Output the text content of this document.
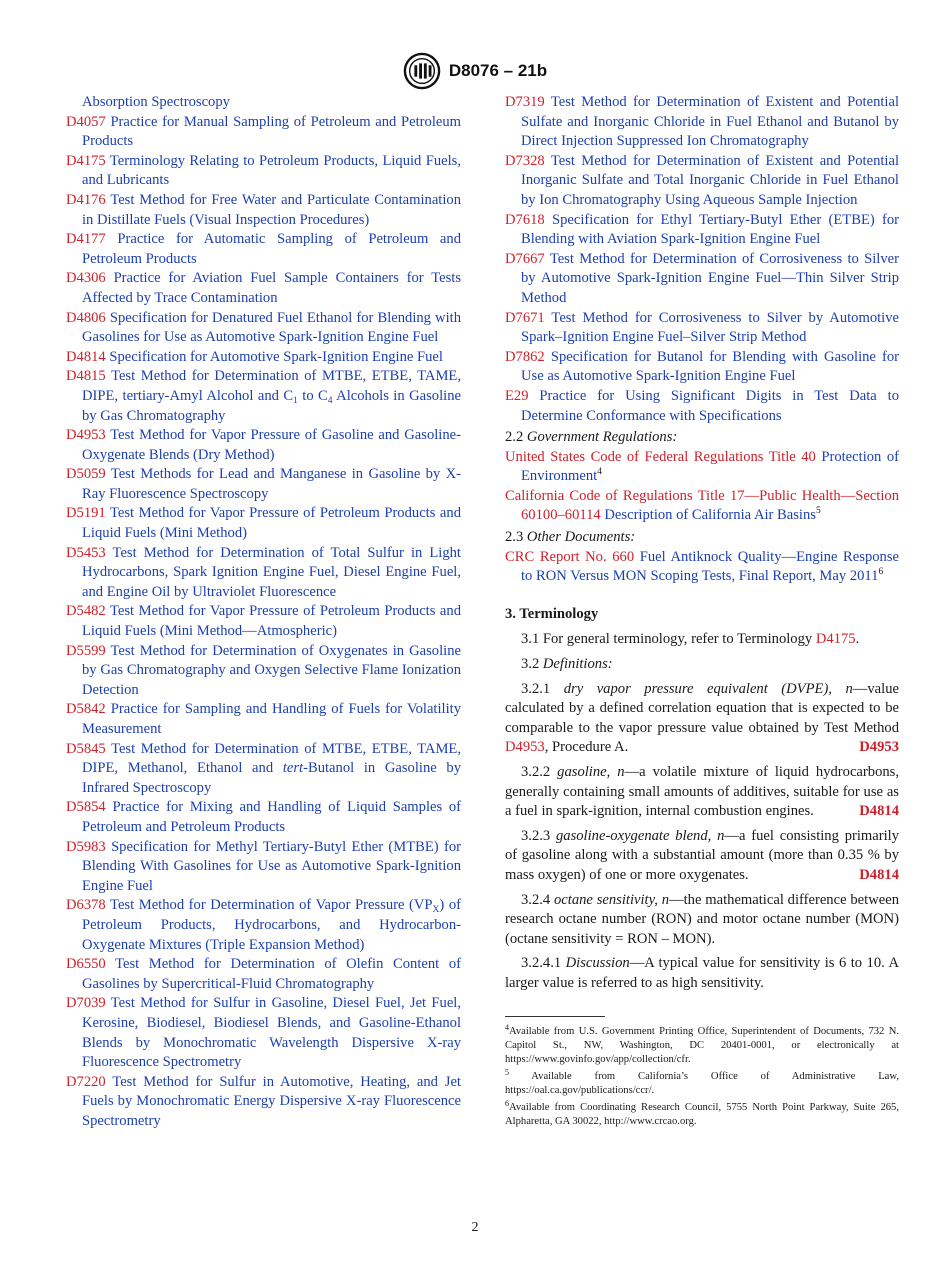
D8076 – 21b
Absorption Spectroscopy
D4057 Practice for Manual Sampling of Petroleum and Petroleum Products
D4175 Terminology Relating to Petroleum Products, Liquid Fuels, and Lubricants
D4176 Test Method for Free Water and Particulate Contamination in Distillate Fuels (Visual Inspection Procedures)
D4177 Practice for Automatic Sampling of Petroleum and Petroleum Products
D4306 Practice for Aviation Fuel Sample Containers for Tests Affected by Trace Contamination
D4806 Specification for Denatured Fuel Ethanol for Blending with Gasolines for Use as Automotive Spark-Ignition Engine Fuel
D4814 Specification for Automotive Spark-Ignition Engine Fuel
D4815 Test Method for Determination of MTBE, ETBE, TAME, DIPE, tertiary-Amyl Alcohol and $C_1$ to $C_4$ Alcohols in Gasoline by Gas Chromatography
D4953 Test Method for Vapor Pressure of Gasoline and Gasoline-Oxygenate Blends (Dry Method)
D5059 Test Methods for Lead and Manganese in Gasoline by X-Ray Fluorescence Spectroscopy
D5191 Test Method for Vapor Pressure of Petroleum Products and Liquid Fuels (Mini Method)
D5453 Test Method for Determination of Total Sulfur in Light Hydrocarbons, Spark Ignition Engine Fuel, Diesel Engine Fuel, and Engine Oil by Ultraviolet Fluorescence
D5482 Test Method for Vapor Pressure of Petroleum Products and Liquid Fuels (Mini Method—Atmospheric)
D5599 Test Method for Determination of Oxygenates in Gasoline by Gas Chromatography and Oxygen Selective Flame Ionization Detection
D5842 Practice for Sampling and Handling of Fuels for Volatility Measurement
D5845 Test Method for Determination of MTBE, ETBE, TAME, DIPE, Methanol, Ethanol and tert-Butanol in Gasoline by Infrared Spectroscopy
D5854 Practice for Mixing and Handling of Liquid Samples of Petroleum and Petroleum Products
D5983 Specification for Methyl Tertiary-Butyl Ether (MTBE) for Blending With Gasolines for Use as Automotive Spark-Ignition Engine Fuel
D6378 Test Method for Determination of Vapor Pressure $(VP_X)$ of Petroleum Products, Hydrocarbons, and Hydrocarbon-Oxygenate Mixtures (Triple Expansion Method)
D6550 Test Method for Determination of Olefin Content of Gasolines by Supercritical-Fluid Chromatography
D7039 Test Method for Sulfur in Gasoline, Diesel Fuel, Jet Fuel, Kerosine, Biodiesel, Biodiesel Blends, and Gasoline-Ethanol Blends by Monochromatic Wavelength Dispersive X-ray Fluorescence Spectrometry
D7220 Test Method for Sulfur in Automotive, Heating, and Jet Fuels by Monochromatic Energy Dispersive X-ray Fluorescence Spectrometry
D7319 Test Method for Determination of Existent and Potential Sulfate and Inorganic Chloride in Fuel Ethanol and Butanol by Direct Injection Suppressed Ion Chromatography
D7328 Test Method for Determination of Existent and Potential Inorganic Sulfate and Total Inorganic Chloride in Fuel Ethanol by Ion Chromatography Using Aqueous Sample Injection
D7618 Specification for Ethyl Tertiary-Butyl Ether (ETBE) for Blending with Aviation Spark-Ignition Engine Fuel
D7667 Test Method for Determination of Corrosiveness to Silver by Automotive Spark-Ignition Engine Fuel—Thin Silver Strip Method
D7671 Test Method for Corrosiveness to Silver by Automotive Spark–Ignition Engine Fuel–Silver Strip Method
D7862 Specification for Butanol for Blending with Gasoline for Use as Automotive Spark-Ignition Engine Fuel
E29 Practice for Using Significant Digits in Test Data to Determine Conformance with Specifications
2.2 Government Regulations:
United States Code of Federal Regulations Title 40 Protection of Environment$^4$
California Code of Regulations Title 17—Public Health—Section 60100–60114 Description of California Air Basins$^5$
2.3 Other Documents:
CRC Report No. 660 Fuel Antiknock Quality—Engine Response to RON Versus MON Scoping Tests, Final Report, May 2011$^6$
3. Terminology
3.1 For general terminology, refer to Terminology D4175.
3.2 Definitions:
3.2.1 dry vapor pressure equivalent (DVPE), n—value calculated by a defined correlation equation that is expected to be comparable to the vapor pressure value obtained by Test Method D4953, Procedure A.	D4953
3.2.2 gasoline, n—a volatile mixture of liquid hydrocarbons, generally containing small amounts of additives, suitable for use as a fuel in spark-ignition, internal combustion engines.	D4814
3.2.3 gasoline-oxygenate blend, n—a fuel consisting primarily of gasoline along with a substantial amount (more than 0.35 % by mass oxygen) of one or more oxygenates.	D4814
3.2.4 octane sensitivity, n—the mathematical difference between research octane number (RON) and motor octane number (MON) (octane sensitivity = RON – MON).
3.2.4.1 Discussion—A typical value for sensitivity is 6 to 10. A larger value is referred to as high sensitivity.
$^4$Available from U.S. Government Printing Office, Superintendent of Documents, 732 N. Capitol St., NW, Washington, DC 20401-0001, or electronically at https://www.govinfo.gov/app/collection/cfr.
$^5$ Available from California’s Office of Administrative Law, https://oal.ca.gov/publications/ccr/.
$^6$Available from Coordinating Research Council, 5755 North Point Parkway, Suite 265, Alpharetta, GA 30022, http://www.crcao.org.
2
